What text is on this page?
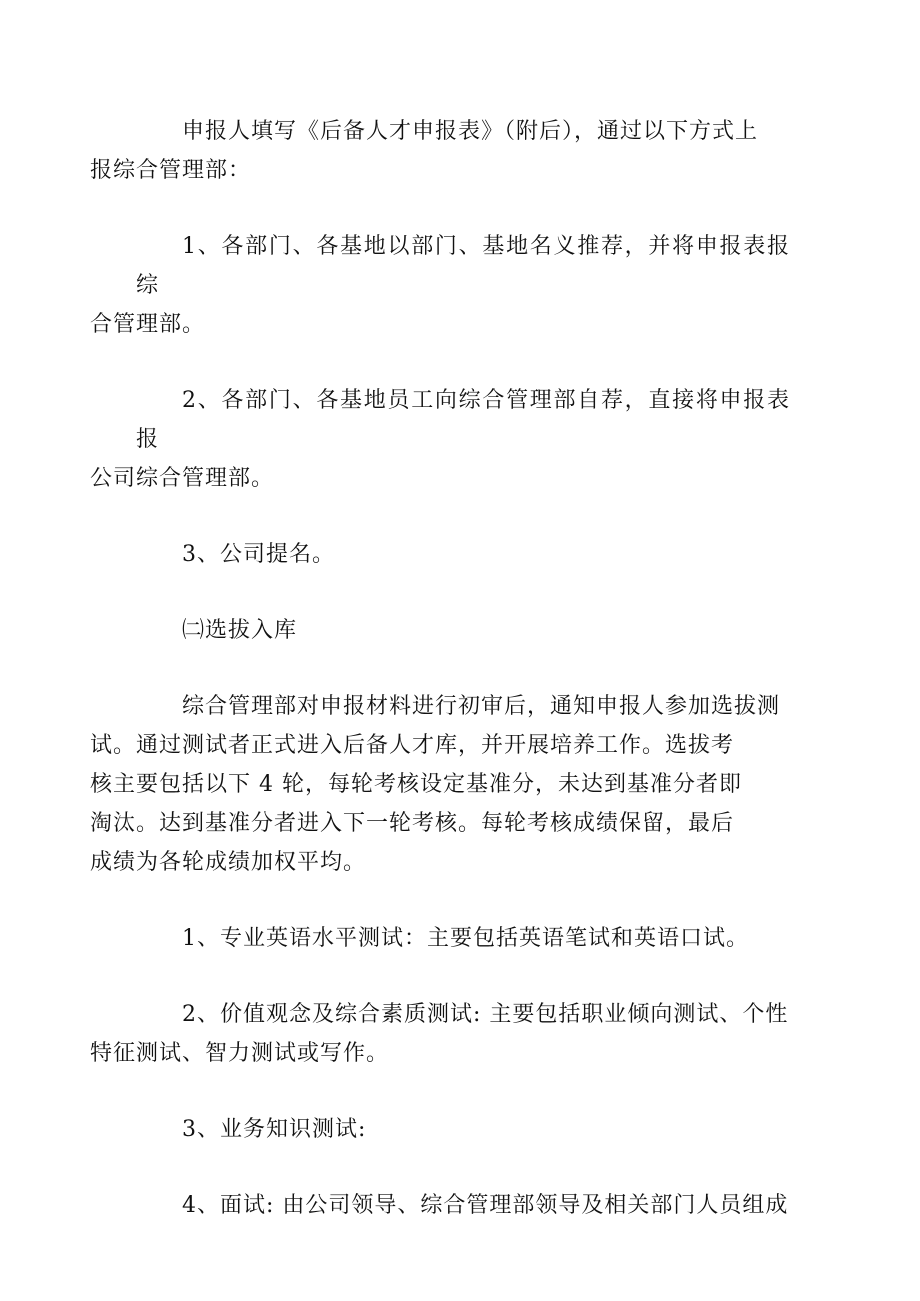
申报人填写《后备人才申报表》（附后），通过以下方式上
报综合管理部：

1、各部门、各基地以部门、基地名义推荐，并将申报表报综
合管理部。

2、各部门、各基地员工向综合管理部自荐，直接将申报表报
公司综合管理部。

3、公司提名。

㈡选拔入库

综合管理部对申报材料进行初审后，通知申报人参加选拔测
试。通过测试者正式进入后备人才库，并开展培养工作。选拔考
核主要包括以下 4 轮，每轮考核设定基准分，未达到基准分者即
淘汰。达到基准分者进入下一轮考核。每轮考核成绩保留，最后
成绩为各轮成绩加权平均。

1、专业英语水平测试：主要包括英语笔试和英语口试。

2、价值观念及综合素质测试: 主要包括职业倾向测试、个性
特征测试、智力测试或写作。

3、业务知识测试:

4、面试: 由公司领导、综合管理部领导及相关部门人员组成
